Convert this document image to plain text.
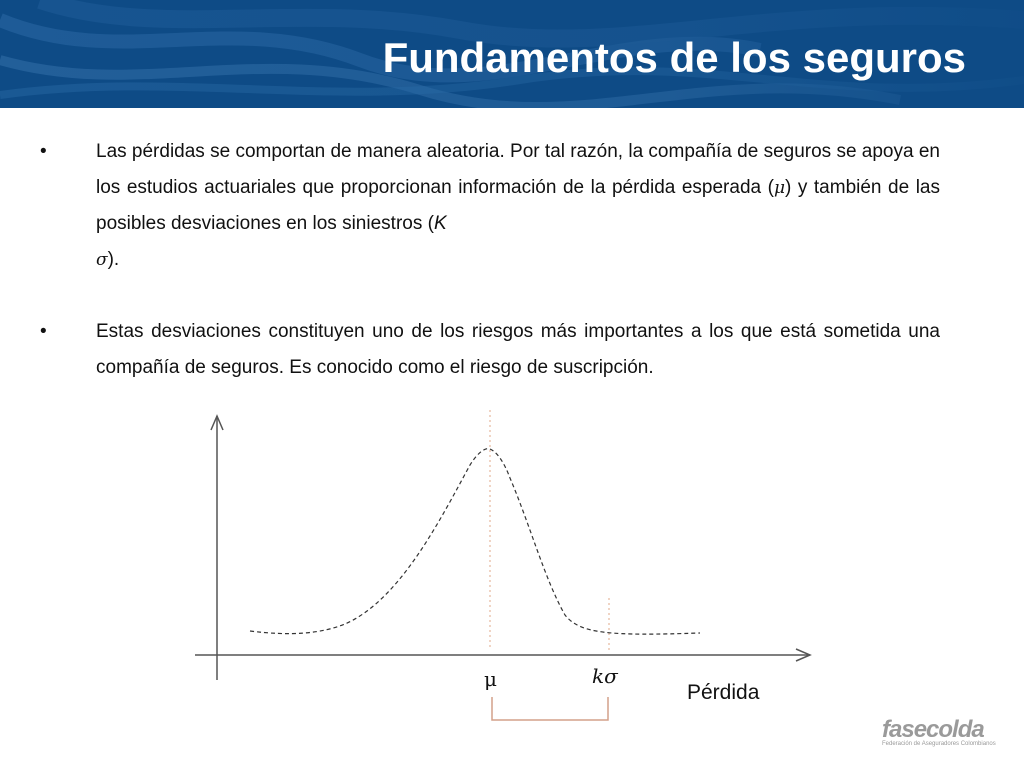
Fundamentos de los seguros
•	Las pérdidas se comportan de manera aleatoria. Por tal razón, la compañía de seguros se apoya en los estudios actuariales que proporcionan información de la pérdida esperada (μ) y también de las posibles desviaciones en los siniestros (K
σ).
•	Estas desviaciones constituyen uno de los riesgos más importantes a los que está sometida una compañía de seguros. Es conocido como el riesgo de suscripción.
μ	kσ
Pérdida
fasecolda
Federación de Aseguradores Colombianos
